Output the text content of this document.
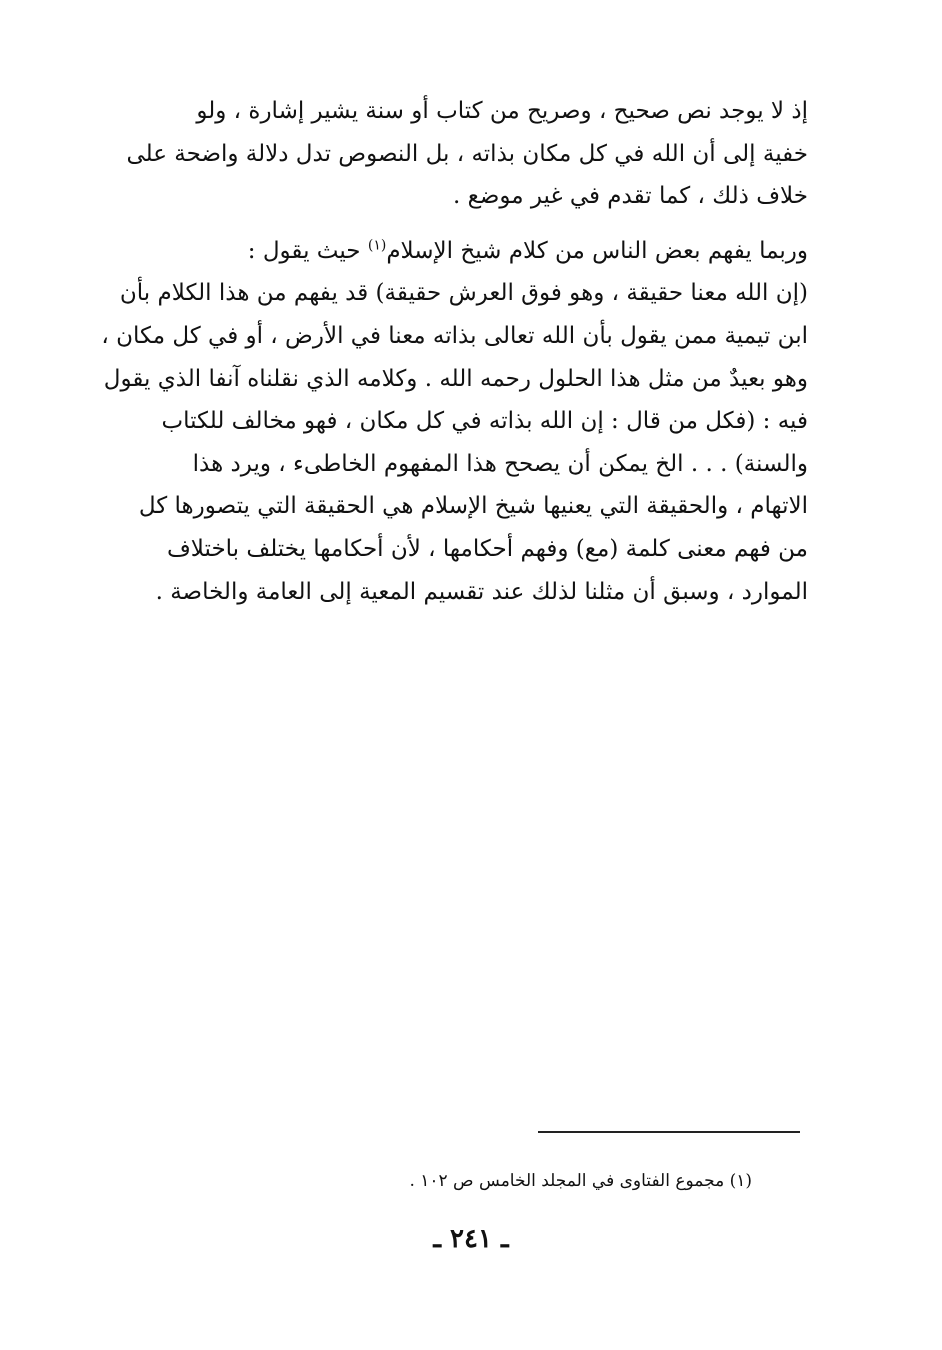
إذ لا يوجد نص صحيح ، وصريح من كتاب أو سنة يشير إشارة ، ولو
خفية إلى أن الله في كل مكان بذاته ، بل النصوص تدل دلالة واضحة على
خلاف ذلك ، كما تقدم في غير موضع .

وربما يفهم بعض الناس من كلام شيخ الإسلام$^{(١)}$ حيث يقول :
(إن الله معنا حقيقة ، وهو فوق العرش حقيقة) قد يفهم من هذا الكلام بأن
ابن تيمية ممن يقول بأن الله تعالى بذاته معنا في الأرض ، أو في كل مكان ،
وهو بعيدٌ من مثل هذا الحلول رحمه الله . وكلامه الذي نقلناه آنفا الذي يقول
فيه : (فكل من قال : إن الله بذاته في كل مكان ، فهو مخالف للكتاب
والسنة) . . . الخ يمكن أن يصحح هذا المفهوم الخاطىء ، ويرد هذا
الاتهام ، والحقيقة التي يعنيها شيخ الإسلام هي الحقيقة التي يتصورها كل
من فهم معنى كلمة (مع) وفهم أحكامها ، لأن أحكامها يختلف باختلاف
الموارد ، وسبق أن مثلنا لذلك عند تقسيم المعية إلى العامة والخاصة .

(١) مجموع الفتاوى في المجلد الخامس ص ١٠٢ .
ـ ٢٤١ ـ
